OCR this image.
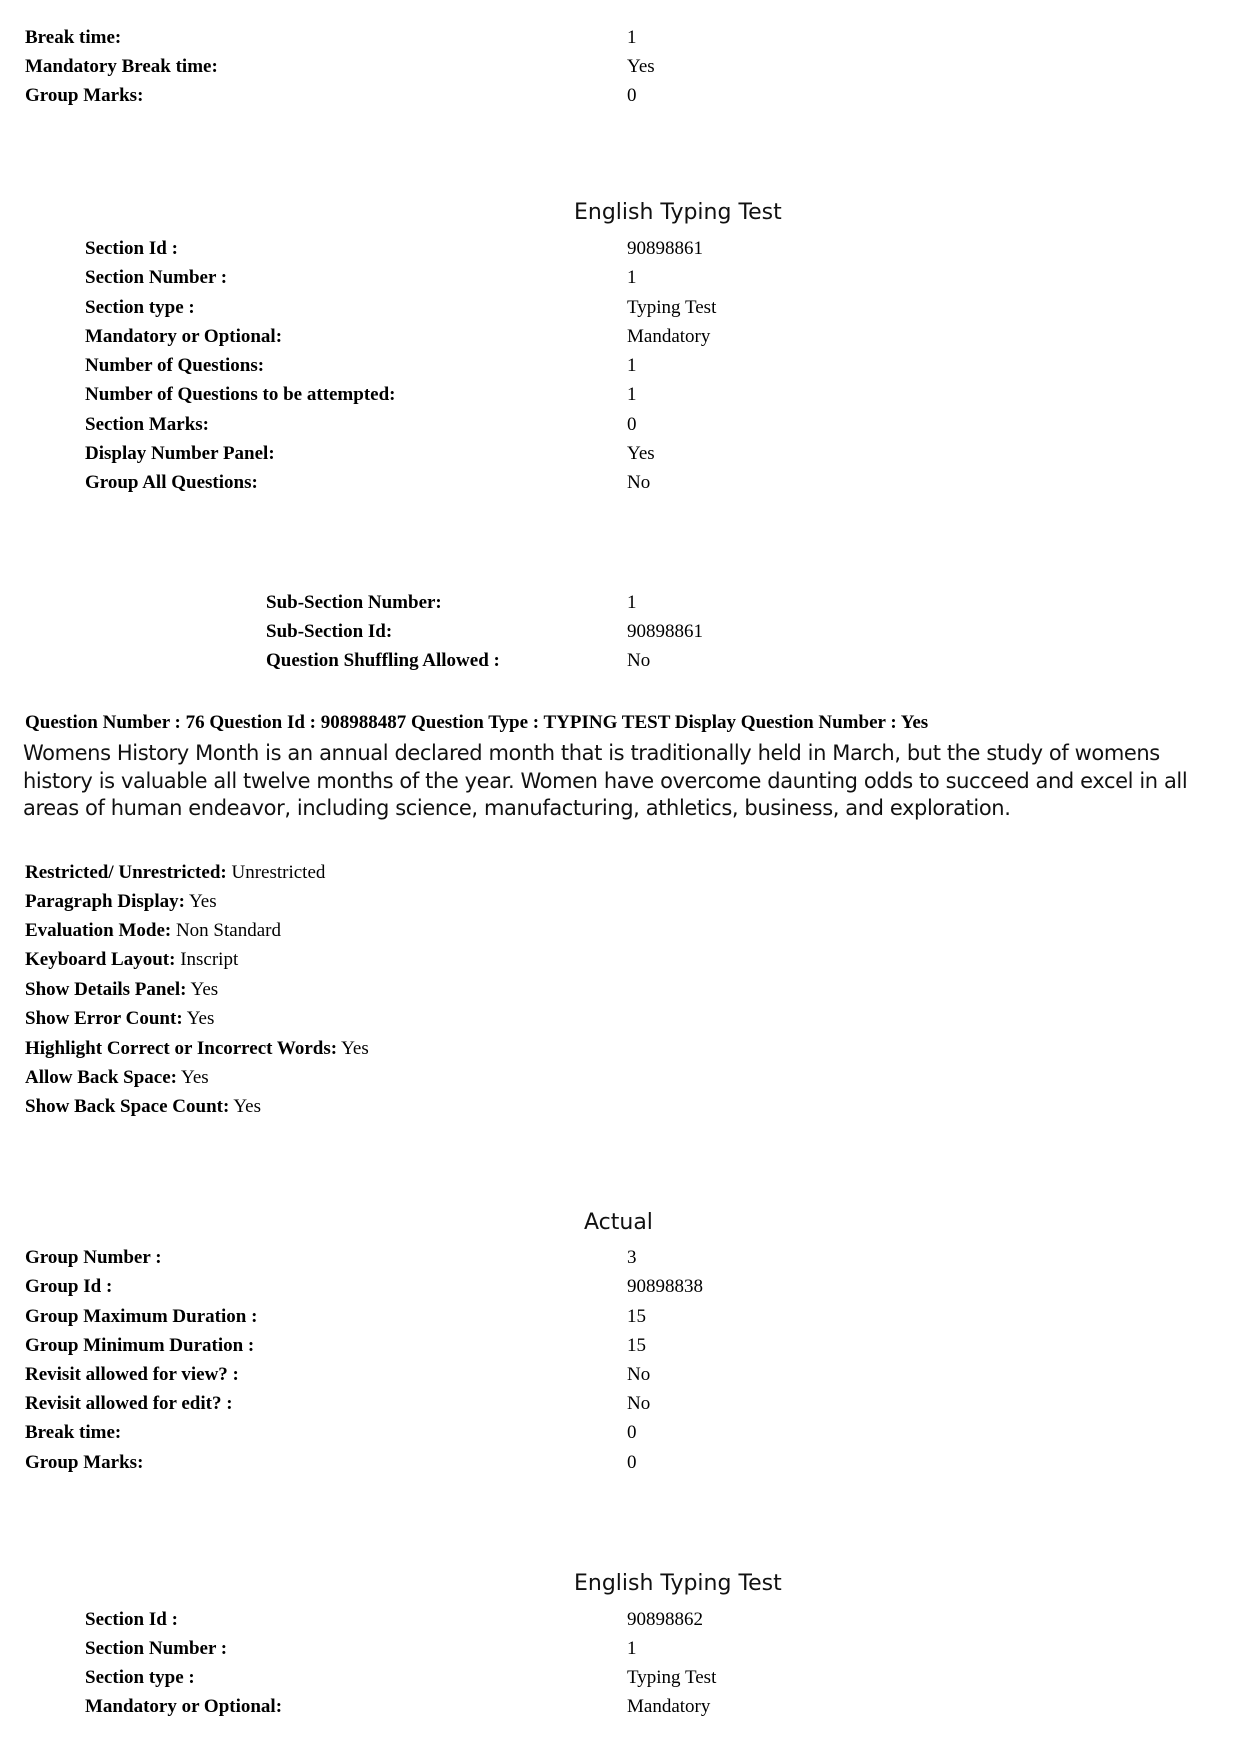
Break time:	1
Mandatory Break time:	Yes
Group Marks:	0
English Typing Test
Section Id :	90898861
Section Number :	1
Section type :	Typing Test
Mandatory or Optional:	Mandatory
Number of Questions:	1
Number of Questions to be attempted:	1
Section Marks:	0
Display Number Panel:	Yes
Group All Questions:	No
Sub-Section Number:	1
Sub-Section Id:	90898861
Question Shuffling Allowed :	No
Question Number : 76 Question Id : 908988487 Question Type : TYPING TEST Display Question Number : Yes
Womens History Month is an annual declared month that is traditionally held in March, but the study of womens history is valuable all twelve months of the year. Women have overcome daunting odds to succeed and excel in all areas of human endeavor, including science, manufacturing, athletics, business, and exploration.
Restricted/ Unrestricted: Unrestricted
Paragraph Display: Yes
Evaluation Mode: Non Standard
Keyboard Layout: Inscript
Show Details Panel: Yes
Show Error Count: Yes
Highlight Correct or Incorrect Words: Yes
Allow Back Space: Yes
Show Back Space Count: Yes
Actual
Group Number :	3
Group Id :	90898838
Group Maximum Duration :	15
Group Minimum Duration :	15
Revisit allowed for view? :	No
Revisit allowed for edit? :	No
Break time:	0
Group Marks:	0
English Typing Test
Section Id :	90898862
Section Number :	1
Section type :	Typing Test
Mandatory or Optional:	Mandatory
